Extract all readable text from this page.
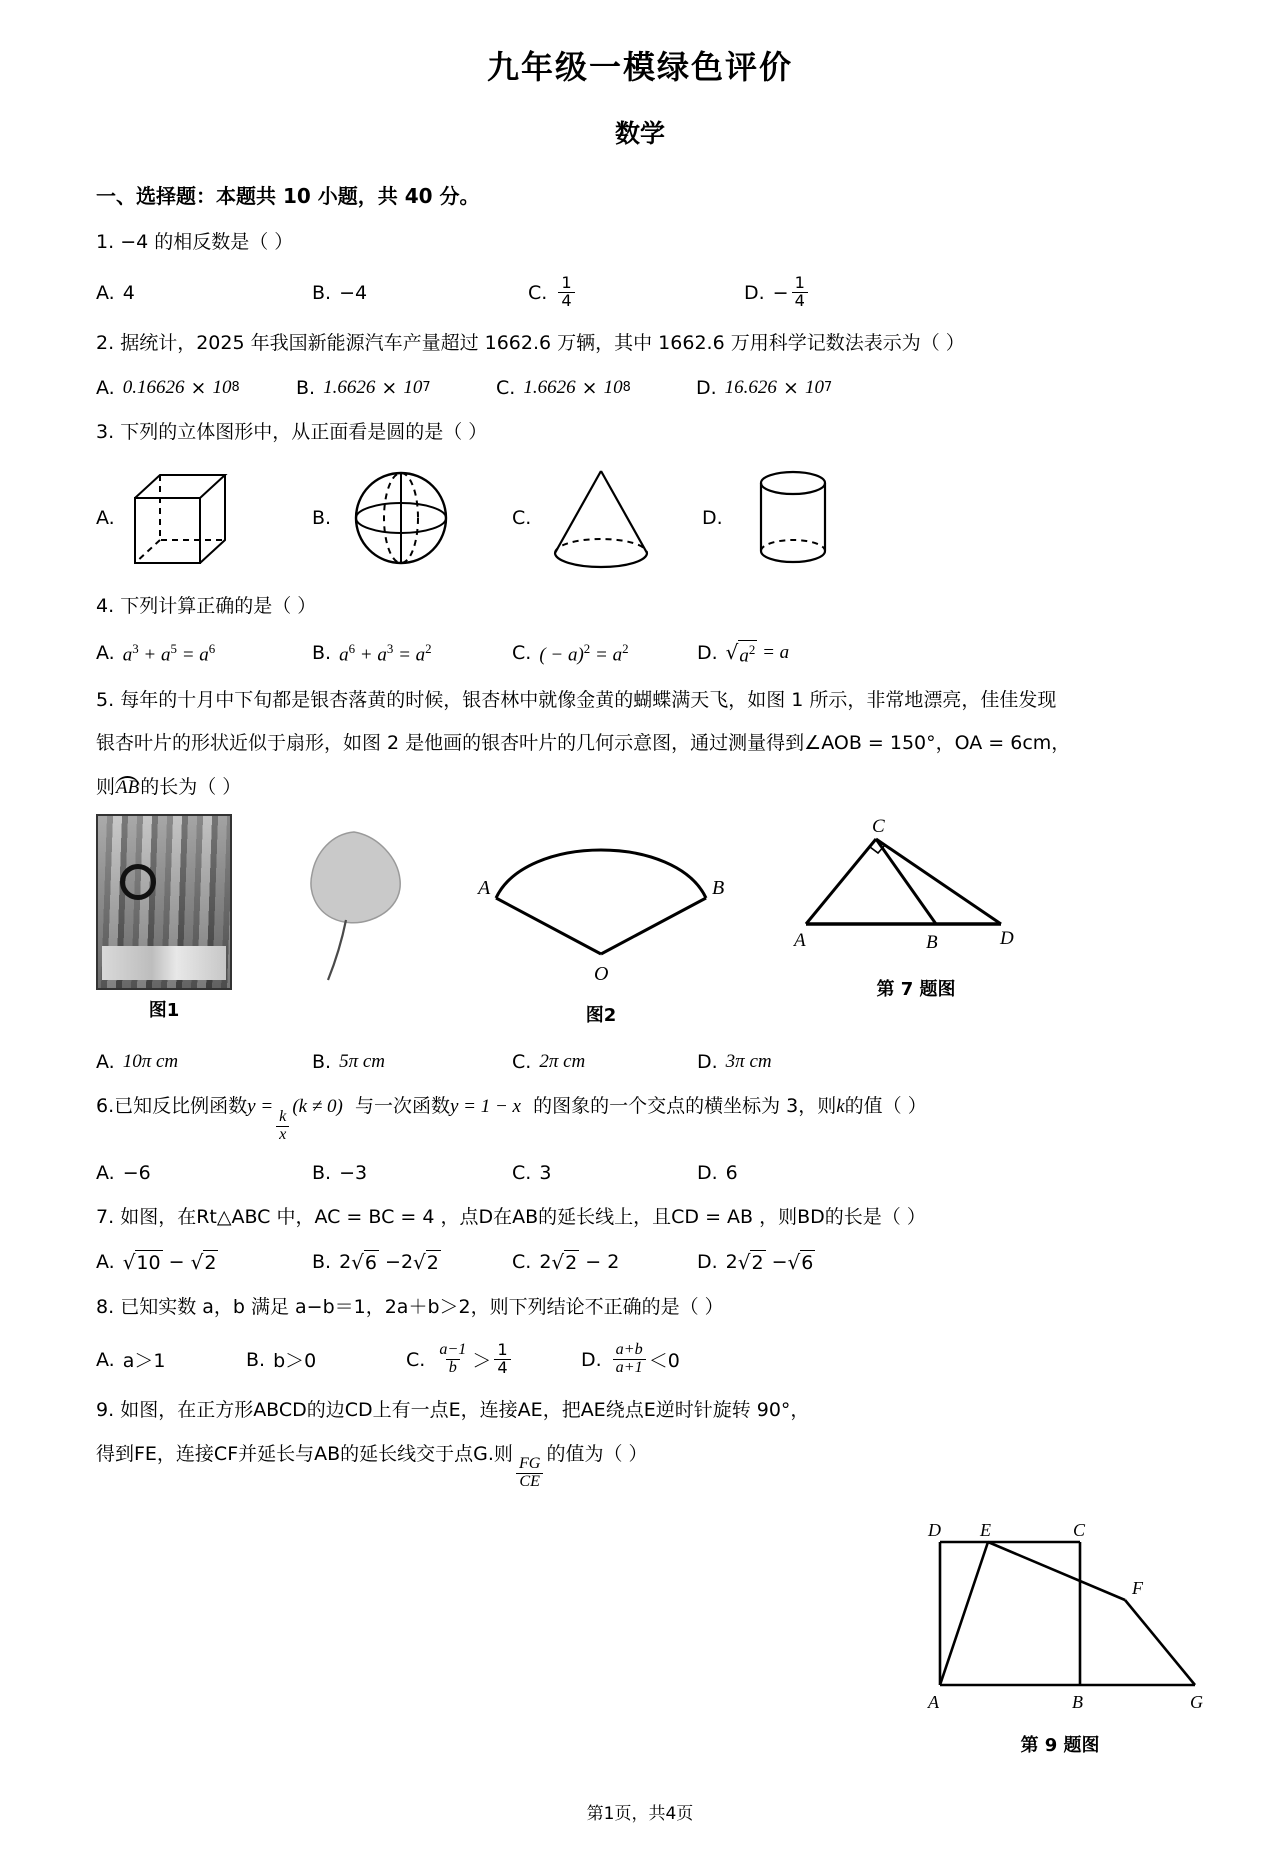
九年级一模绿色评价
数学
一、选择题：本题共 10 小题，共 40 分。
1. −4 的相反数是（ ）
A. 4	B. −4	C. $\frac{1}{4}$	D. − $\frac{1}{4}$
2. 据统计，2025 年我国新能源汽车产量超过 1662.6 万辆，其中 1662.6 万用科学记数法表示为（ ）
A. 0.16626
×
10 8	B. 1.6626
×
10 7	C. 1.6626
×
10 8	D. 16.626
×
10 7
3. 下列的立体图形中，从正面看是圆的是（ ）
A.	B.	C.	D.
4. 下列计算正确的是（ ）
A. $a^3 + a^5 = a^6$	B. $a^6 + a^3 = a^2$	C. ( − $a)^2 = a^2$	D. √ $a^2 = a$
5. 每年的十月中下旬都是银杏落黄的时候，银杏林中就像金黄的蝴蝶满天飞，如图 1 所示，非常地漂亮，佳佳发现
银杏叶片的形状近似于扇形，如图 2 是他画的银杏叶片的几何示意图，通过测量得到∠AOB = 150°，OA = 6cm，
则AB的长为（ ）
图1
A	B
O
图2
C
A	B	D
第 7 题图
A. 10π cm	B. 5π cm	C. 2π cm	D. 3π cm
6.已知反比例函数y =
$\frac{k}{x}$
(k ≠ 0) 与一次函数y = 1 − x 的图象的一个交点的横坐标为 3，则k的值（ ）
A. −6	B. −3	C. 3	D. 6
7. 如图，在Rt△ABC 中，AC = BC = 4 ，点D在AB的延长线上，且CD = AB ，则BD的长是（ ）
A. √ 10 − √ 2	B. 2 √ 6 −2 √ 2	C. 2 √ 2 − 2	D. 2 √ 2 − √ 6
8. 已知实数 a，b 满足 a−b＝1，2a＋b＞2，则下列结论不正确的是（ ）
A. a＞1	B. b＞0	C. $\frac{a-1}{b} > \frac{1}{4}$	D. $\frac{a+b}{a+1} <0$
9. 如图，在正方形ABCD的边CD上有一点E，连接AE，把AE绕点E逆时针旋转 90°，
得到FE，连接CF并延长与AB的延长线交于点G.则
$\frac{FG}{CE}$
的值为（ ）
D E	C
F
A	B	G
第 9 题图
第1页，共4页
